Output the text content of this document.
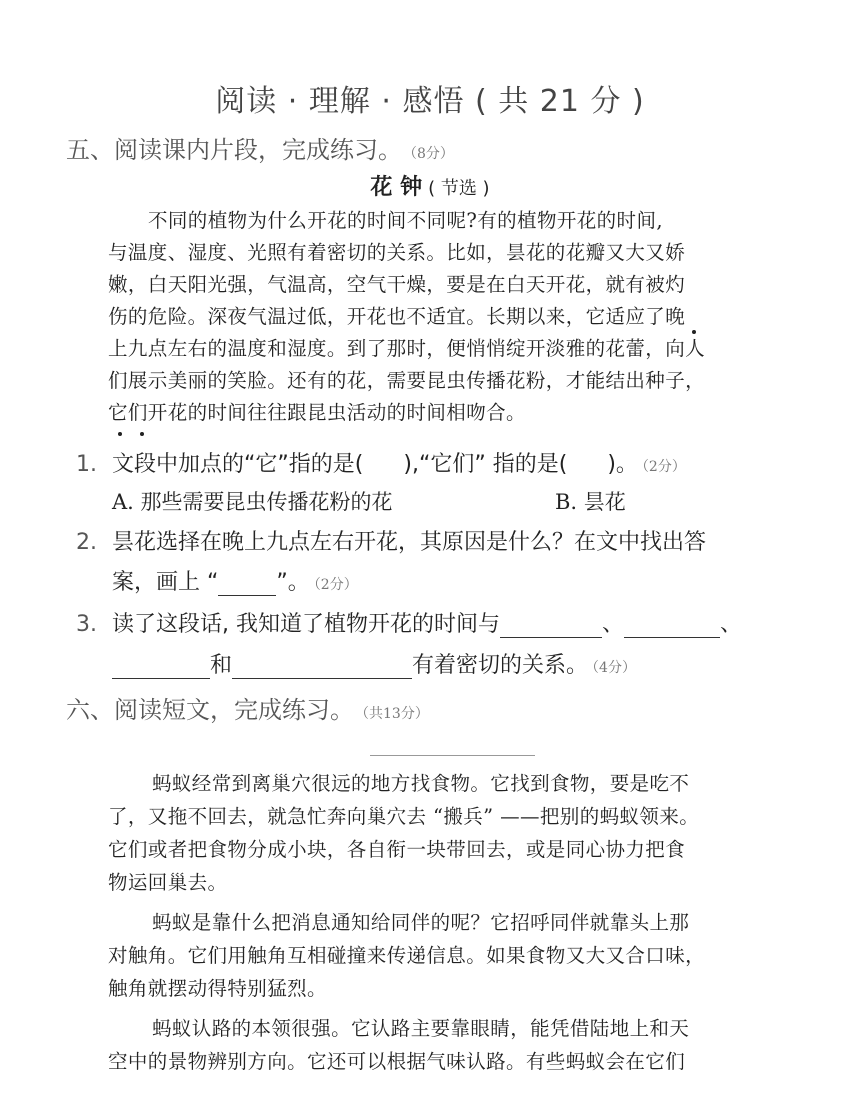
阅读 · 理解 · 感悟 ( 共 21 分 )
五、阅读课内片段，完成练习。 （8分）
花 钟 ( 节选 )
不同的植物为什么开花的时间不同呢?有的植物开花的时间,
与温度、湿度、光照有着密切的关系。比如，昙花的花瓣又大又娇
嫩，白天阳光强，气温高，空气干燥，要是在白天开花，就有被灼
伤的危险。深夜气温过低，开花也不适宜。长期以来，它适应了晚
上九点左右的温度和湿度。到了那时，便悄悄绽开淡雅的花蕾，向人
们展示美丽的笑脸。还有的花，需要昆虫传播花粉，才能结出种子，
它们开花的时间往往跟昆虫活动的时间相吻合。
1. 文段中加点的“它”指的是( ),“它们” 指的是( )。 （2分）
A. 那些需要昆虫传播花粉的花	B. 昙花
2. 昙花选择在晚上九点左右开花，其原因是什么？在文中找出答
案，画上 “	”。 （2分）
3. 读了这段话, 我知道了植物开花的时间与	、	、
和	有着密切的关系。 （4分）
六、阅读短文，完成练习。 （共13分）
蚂蚁经常到离巢穴很远的地方找食物。它找到食物，要是吃不
了，又拖不回去，就急忙奔向巢穴去 “搬兵” ——把别的蚂蚁领来。
它们或者把食物分成小块，各自衔一块带回去，或是同心协力把食
物运回巢去。
蚂蚁是靠什么把消息通知给同伴的呢？它招呼同伴就靠头上那
对触角。它们用触角互相碰撞来传递信息。如果食物又大又合口味，
触角就摆动得特别猛烈。
蚂蚁认路的本领很强。它认路主要靠眼睛，能凭借陆地上和天
空中的景物辨别方向。它还可以根据气味认路。有些蚂蚁会在它们
